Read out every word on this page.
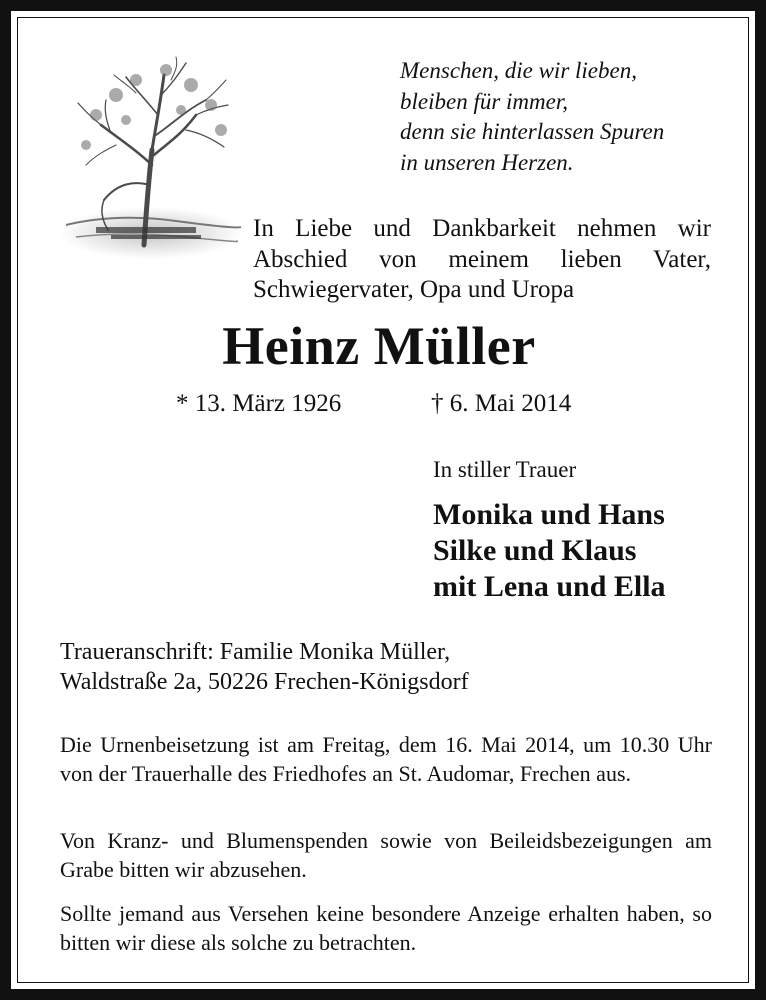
Menschen, die wir lieben,
bleiben für immer,
denn sie hinterlassen Spuren
in unseren Herzen.
In Liebe und Dankbarkeit nehmen wir Abschied von meinem lieben Vater, Schwiegervater, Opa und Uropa
Heinz Müller
* 13. März 1926	† 6. Mai 2014
In stiller Trauer
Monika und Hans
Silke und Klaus
mit Lena und Ella
Traueranschrift: Familie Monika Müller,
Waldstraße 2a, 50226 Frechen-Königsdorf
Die Urnenbeisetzung ist am Freitag, dem 16. Mai 2014, um 10.30 Uhr von der Trauerhalle des Friedhofes an St. Audomar, Frechen aus.
Von Kranz- und Blumenspenden sowie von Beileidsbezeigungen am Grabe bitten wir abzusehen.
Sollte jemand aus Versehen keine besondere Anzeige erhalten haben, so bitten wir diese als solche zu betrachten.
